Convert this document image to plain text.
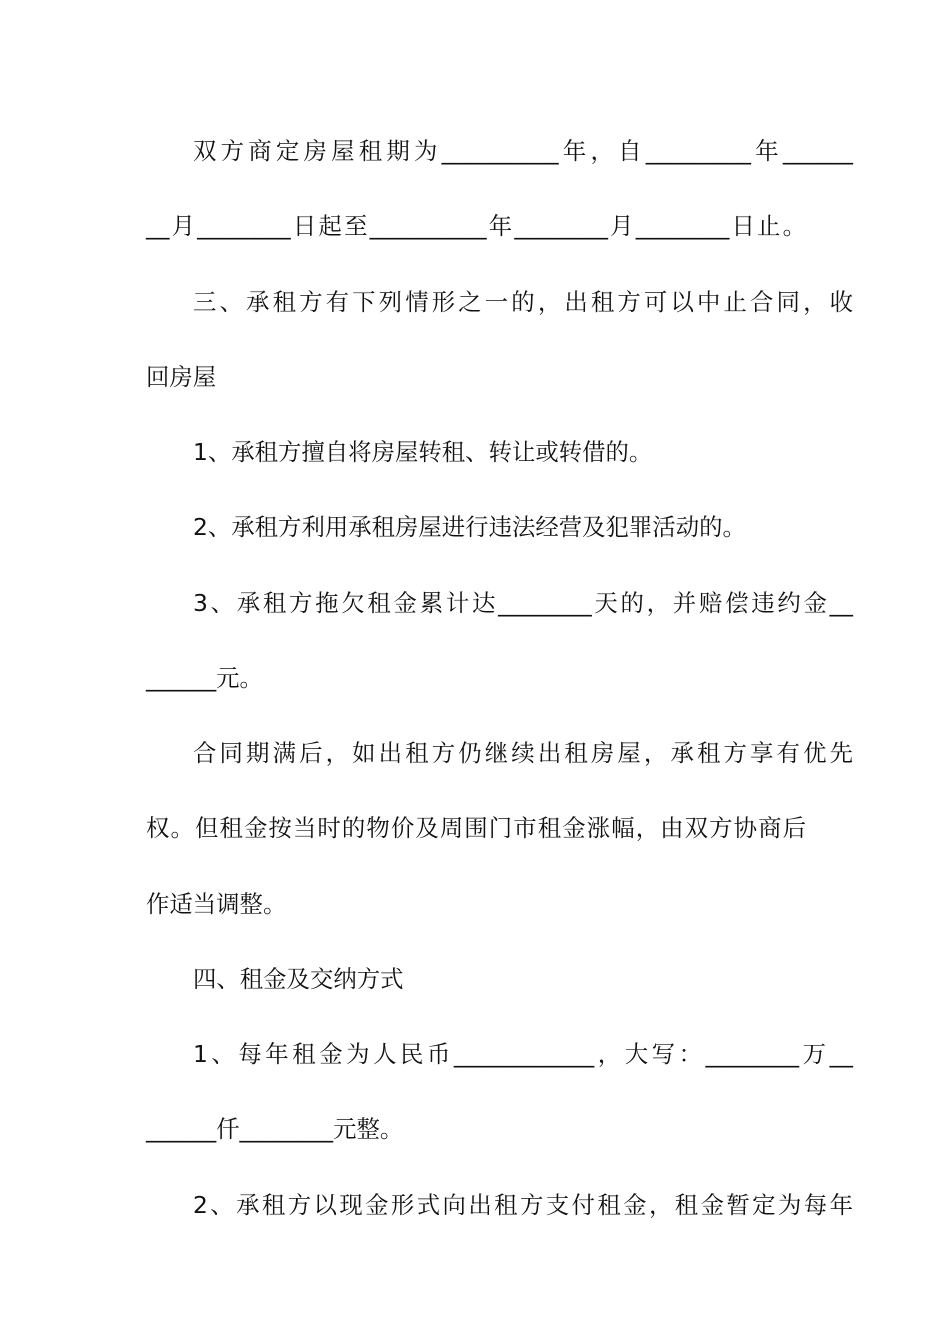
双方商定房屋租期为__________年，自_________年______
__月________日起至__________年________月________日止。
三、承租方有下列情形之一的，出租方可以中止合同，收
回房屋
1、承租方擅自将房屋转租、转让或转借的。
2、承租方利用承租房屋进行违法经营及犯罪活动的。
3、承租方拖欠租金累计达________天的，并赔偿违约金__
______元。
合同期满后，如出租方仍继续出租房屋，承租方享有优先
权。但租金按当时的物价及周围门市租金涨幅，由双方协商后
作适当调整。
四、租金及交纳方式
1、每年租金为人民币____________，大写：________万__
______仟________元整。
2、承租方以现金形式向出租方支付租金，租金暂定为每年
